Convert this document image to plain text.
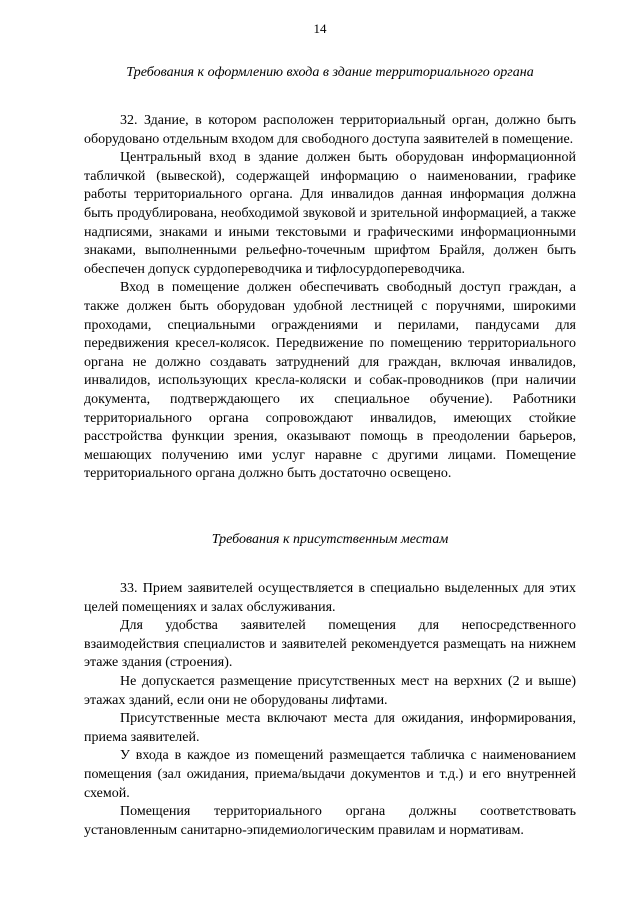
14
Требования к оформлению входа в здание территориального органа

32. Здание, в котором расположен территориальный орган, должно быть оборудовано отдельным входом для свободного доступа заявителей в помещение.

Центральный вход в здание должен быть оборудован информационной табличкой (вывеской), содержащей информацию о наименовании, графике работы территориального органа. Для инвалидов данная информация должна быть продублирована, необходимой звуковой и зрительной информацией, а также надписями, знаками и иными текстовыми и графическими информационными знаками, выполненными рельефно-точечным шрифтом Брайля, должен быть обеспечен допуск сурдопереводчика и тифлосурдопереводчика.

Вход в помещение должен обеспечивать свободный доступ граждан, а также должен быть оборудован удобной лестницей с поручнями, широкими проходами, специальными ограждениями и перилами, пандусами для передвижения кресел-колясок. Передвижение по помещению территориального органа не должно создавать затруднений для граждан, включая инвалидов, инвалидов, использующих кресла-коляски и собак-проводников (при наличии документа, подтверждающего их специальное обучение). Работники территориального органа сопровождают инвалидов, имеющих стойкие расстройства функции зрения, оказывают помощь в преодолении барьеров, мешающих получению ими услуг наравне с другими лицами. Помещение территориального органа должно быть достаточно освещено.

Требования к присутственным местам

33. Прием заявителей осуществляется в специально выделенных для этих целей помещениях и залах обслуживания.

Для удобства заявителей помещения для непосредственного взаимодействия специалистов и заявителей рекомендуется размещать на нижнем этаже здания (строения).

Не допускается размещение присутственных мест на верхних (2 и выше) этажах зданий, если они не оборудованы лифтами.

Присутственные места включают места для ожидания, информирования, приема заявителей.

У входа в каждое из помещений размещается табличка с наименованием помещения (зал ожидания, приема/выдачи документов и т.д.) и его внутренней схемой.

Помещения территориального органа должны соответствовать установленным санитарно-эпидемиологическим правилам и нормативам.
